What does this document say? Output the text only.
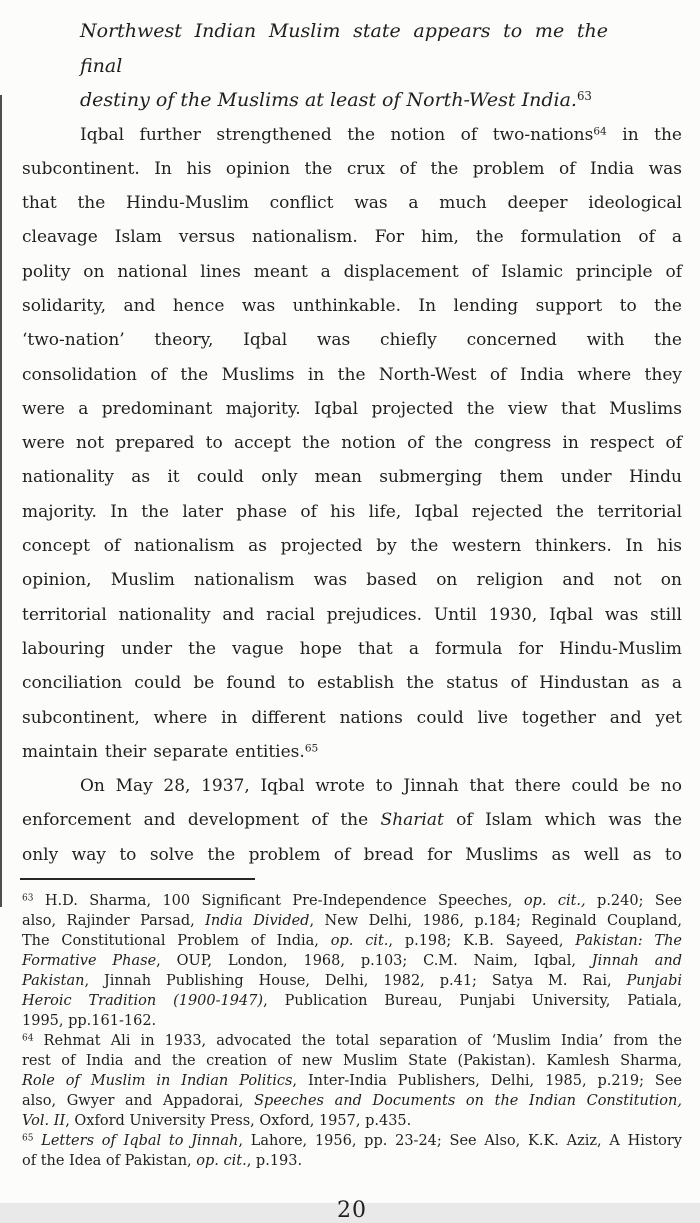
Northwest Indian Muslim state appears to me the final
destiny of the Muslims at least of North-West India.$^{63}$
Iqbal further strengthened the notion of two-nations$^{64}$ in the
subcontinent. In his opinion the crux of the problem of India was
that the Hindu-Muslim conflict was a much deeper ideological
cleavage Islam versus nationalism. For him, the formulation of a
polity on national lines meant a displacement of Islamic principle of
solidarity, and hence was unthinkable. In lending support to the
‘two-nation’ theory, Iqbal was chiefly concerned with the
consolidation of the Muslims in the North-West of India where they
were a predominant majority. Iqbal projected the view that Muslims
were not prepared to accept the notion of the congress in respect of
nationality as it could only mean submerging them under Hindu
majority. In the later phase of his life, Iqbal rejected the territorial
concept of nationalism as projected by the western thinkers. In his
opinion, Muslim nationalism was based on religion and not on
territorial nationality and racial prejudices. Until 1930, Iqbal was still
labouring under the vague hope that a formula for Hindu-Muslim
conciliation could be found to establish the status of Hindustan as a
subcontinent, where in different nations could live together and yet
maintain their separate entities.$^{65}$
On May 28, 1937, Iqbal wrote to Jinnah that there could be no
enforcement and development of the Shariat of Islam which was the
only way to solve the problem of bread for Muslims as well as to
$^{63}$ H.D. Sharma, 100 Significant Pre-Independence Speeches, op. cit., p.240; See
also, Rajinder Parsad, India Divided, New Delhi, 1986, p.184; Reginald Coupland,
The Constitutional Problem of India, op. cit., p.198; K.B. Sayeed, Pakistan: The
Formative Phase, OUP, London, 1968, p.103; C.M. Naim, Iqbal, Jinnah and
Pakistan, Jinnah Publishing House, Delhi, 1982, p.41; Satya M. Rai, Punjabi
Heroic Tradition (1900-1947), Publication Bureau, Punjabi University, Patiala,
1995, pp.161-162.
$^{64}$ Rehmat Ali in 1933, advocated the total separation of ‘Muslim India’ from the
rest of India and the creation of new Muslim State (Pakistan). Kamlesh Sharma,
Role of Muslim in Indian Politics, Inter-India Publishers, Delhi, 1985, p.219; See
also, Gwyer and Appadorai, Speeches and Documents on the Indian Constitution,
Vol. II, Oxford University Press, Oxford, 1957, p.435.
$^{65}$ Letters of Iqbal to Jinnah, Lahore, 1956, pp. 23-24; See Also, K.K. Aziz, A History
of the Idea of Pakistan, op. cit., p.193.
20
